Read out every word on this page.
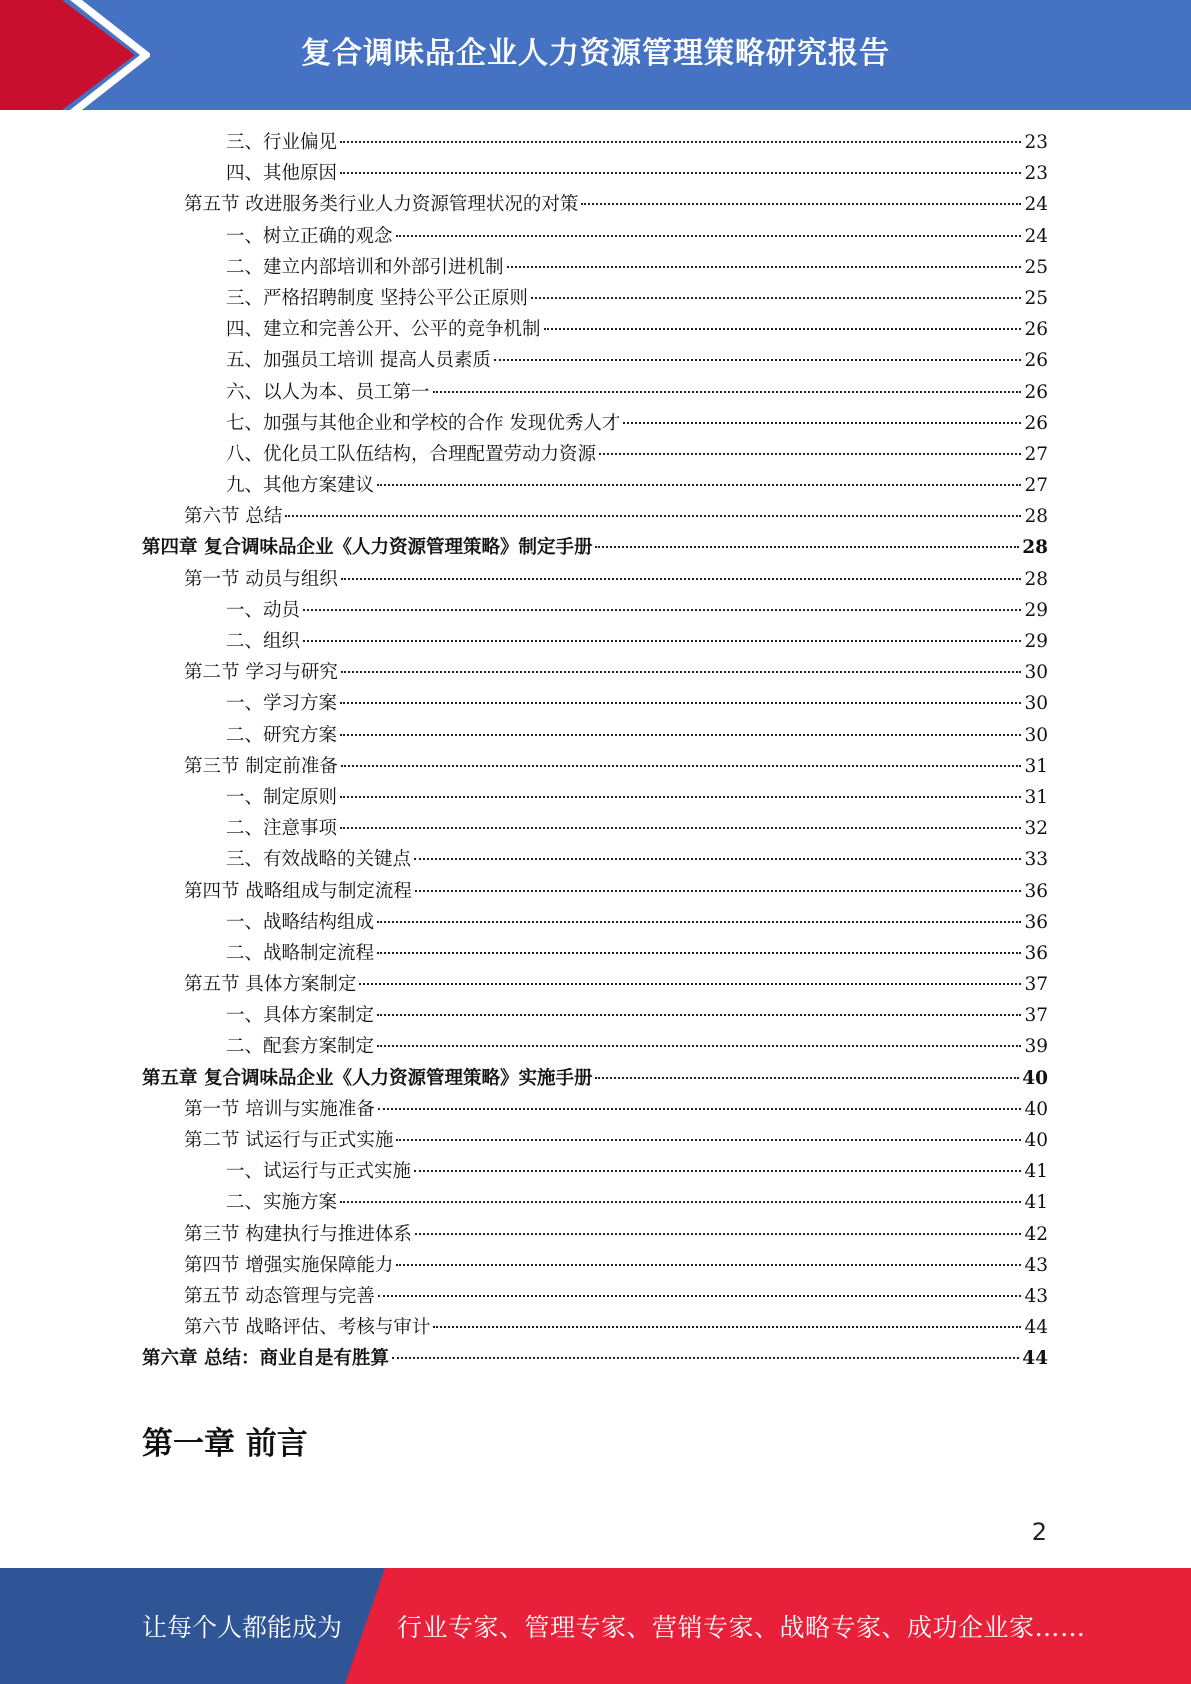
复合调味品企业人力资源管理策略研究报告
三、行业偏见	23
四、其他原因	23
第五节 改进服务类行业人力资源管理状况的对策	24
一、树立正确的观念	24
二、建立内部培训和外部引进机制	25
三、严格招聘制度 坚持公平公正原则	25
四、建立和完善公开、公平的竞争机制	26
五、加强员工培训 提高人员素质	26
六、以人为本、员工第一	26
七、加强与其他企业和学校的合作 发现优秀人才	26
八、优化员工队伍结构，合理配置劳动力资源	27
九、其他方案建议	27
第六节 总结	28
第四章 复合调味品企业《人力资源管理策略》制定手册	28
第一节 动员与组织	28
一、动员	29
二、组织	29
第二节 学习与研究	30
一、学习方案	30
二、研究方案	30
第三节 制定前准备	31
一、制定原则	31
二、注意事项	32
三、有效战略的关键点	33
第四节 战略组成与制定流程	36
一、战略结构组成	36
二、战略制定流程	36
第五节 具体方案制定	37
一、具体方案制定	37
二、配套方案制定	39
第五章 复合调味品企业《人力资源管理策略》实施手册	40
第一节 培训与实施准备	40
第二节 试运行与正式实施	40
一、试运行与正式实施	41
二、实施方案	41
第三节 构建执行与推进体系	42
第四节 增强实施保障能力	43
第五节 动态管理与完善	43
第六节 战略评估、考核与审计	44
第六章 总结：商业自是有胜算	44
第一章 前言
2
让每个人都能成为 行业专家、管理专家、营销专家、战略专家、成功企业家……
